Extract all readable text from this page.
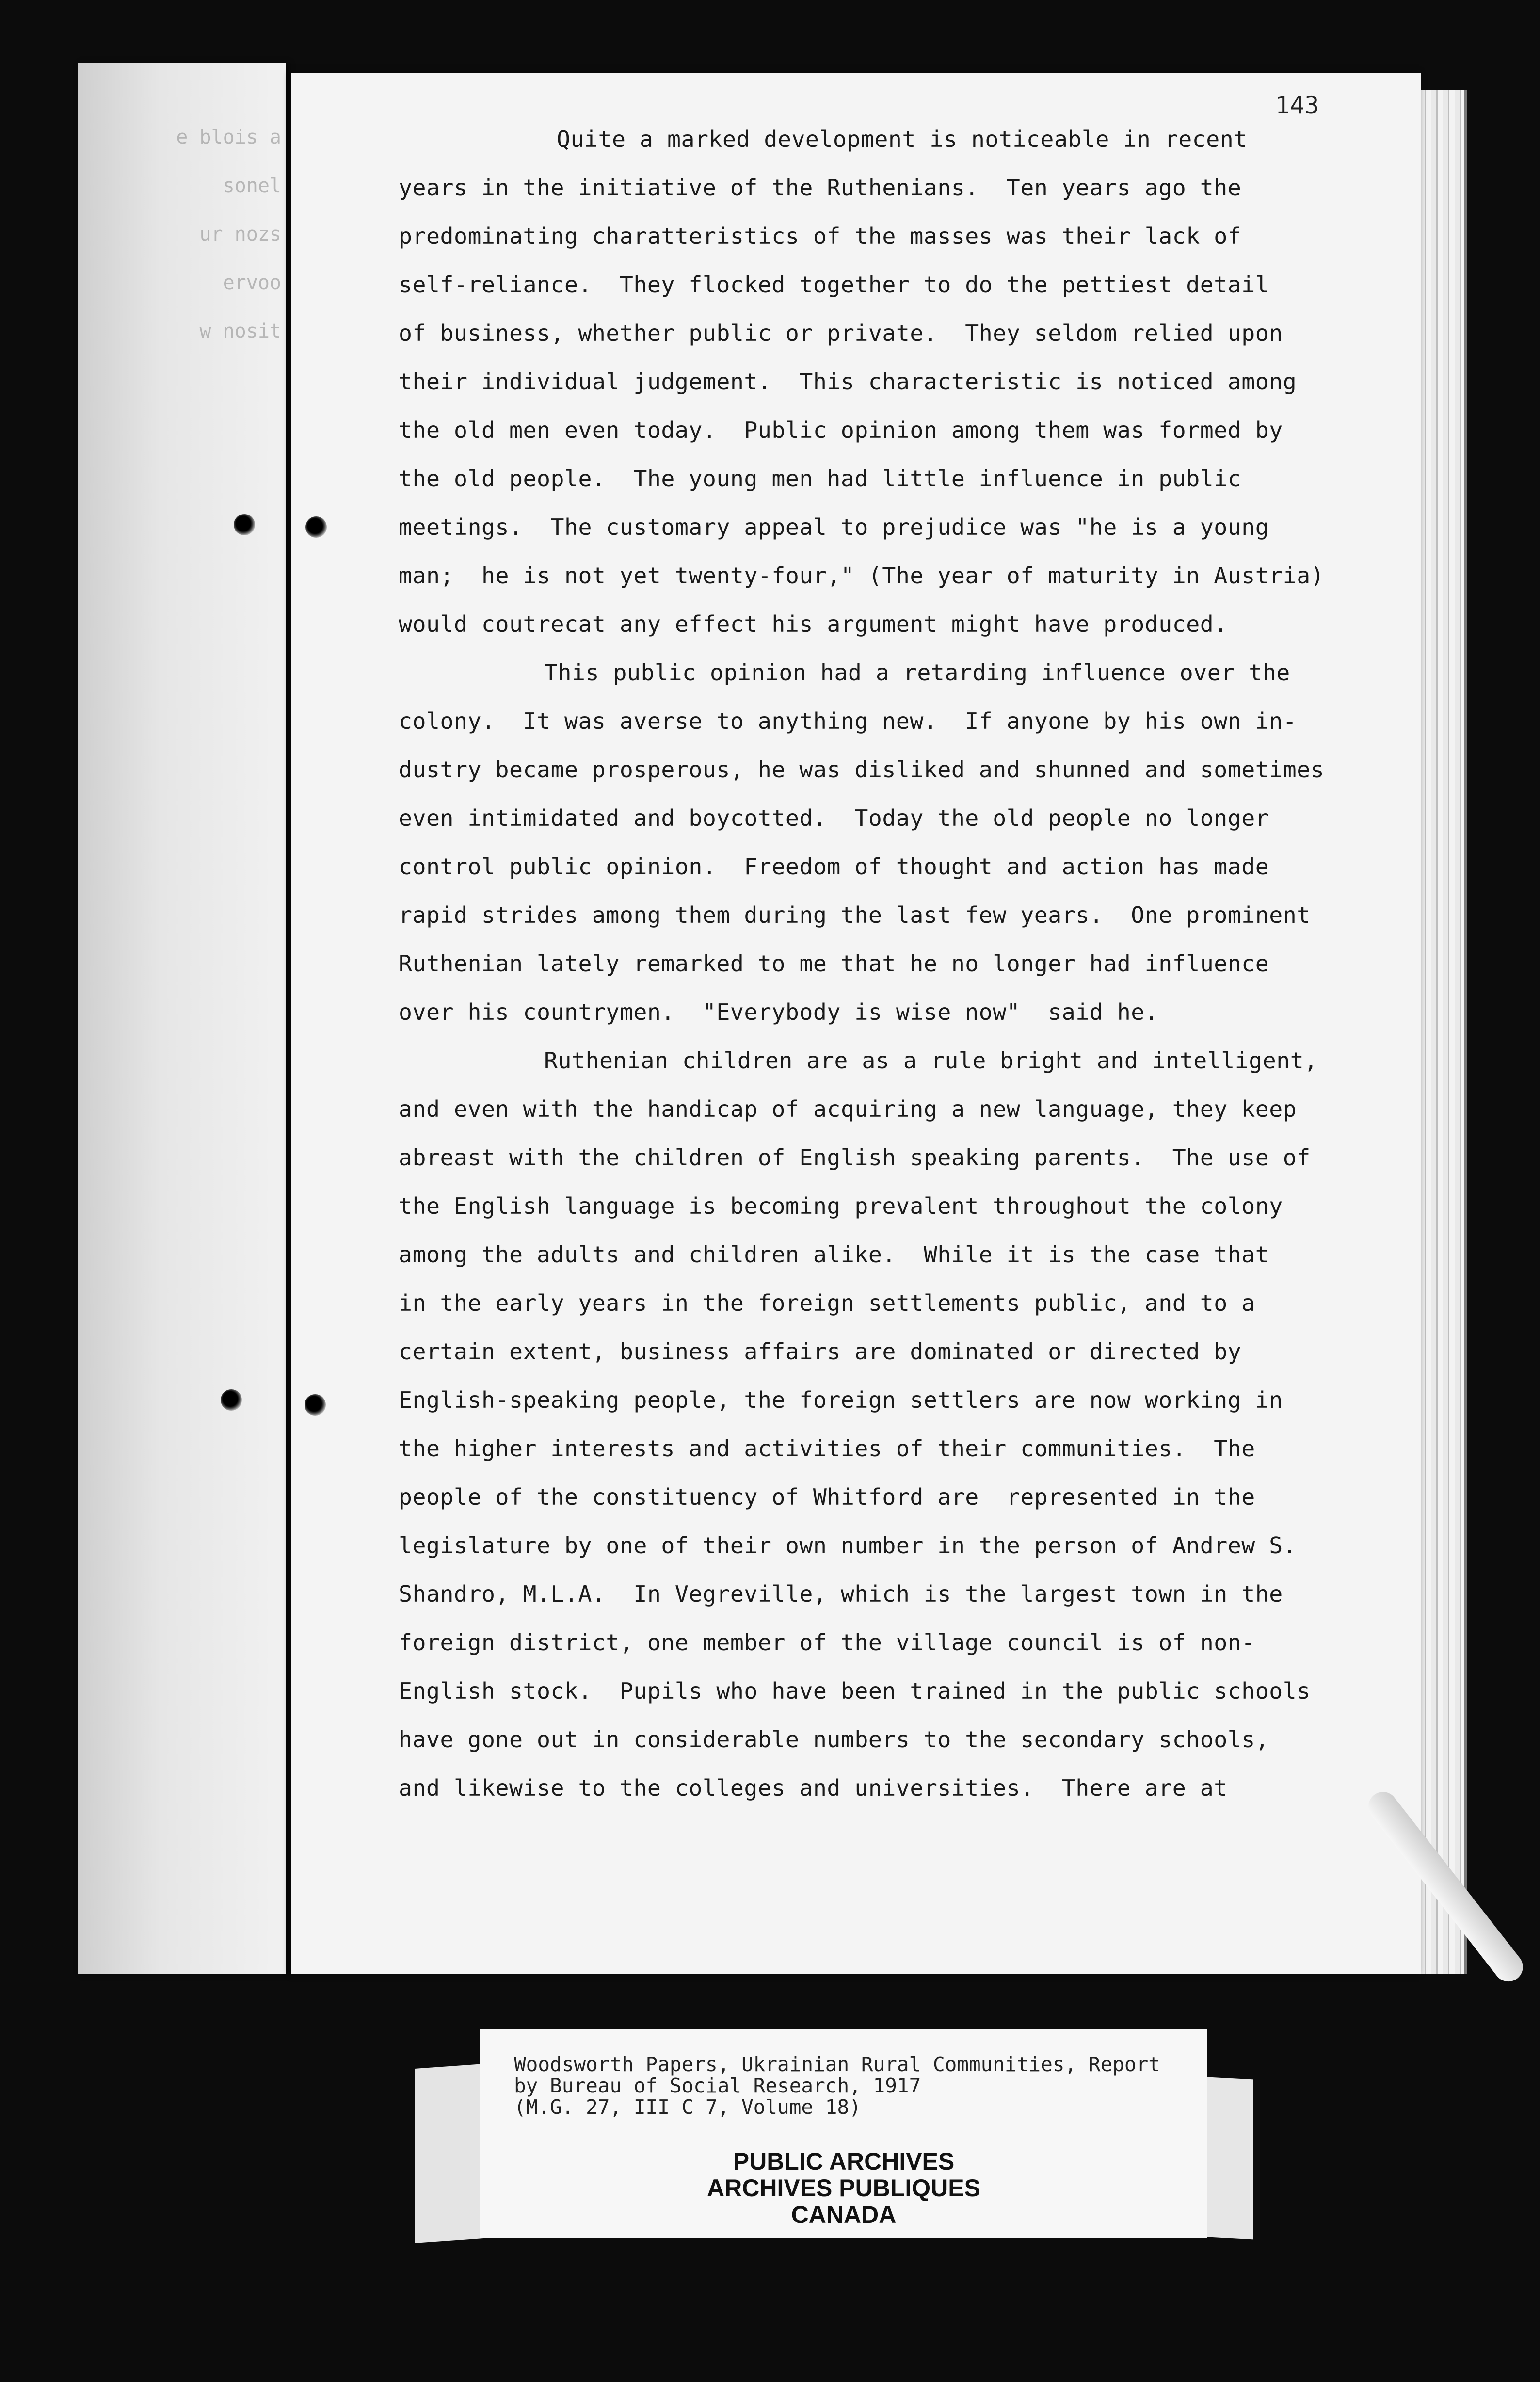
e blois a
sonel
ur nozs
ervoo
w nosit
143
Quite a marked development is noticeable in recent
years in the initiative of the Ruthenians.  Ten years ago the
predominating charatteristics of the masses was their lack of
self-reliance.  They flocked together to do the pettiest detail
of business, whether public or private.  They seldom relied upon
their individual judgement.  This characteristic is noticed among
the old men even today.  Public opinion among them was formed by
the old people.  The young men had little influence in public
meetings.  The customary appeal to prejudice was "he is a young
man;  he is not yet twenty-four," (The year of maturity in Austria)
would coutrecat any effect his argument might have produced.
This public opinion had a retarding influence over the
colony.  It was averse to anything new.  If anyone by his own in-
dustry became prosperous, he was disliked and shunned and sometimes
even intimidated and boycotted.  Today the old people no longer
control public opinion.  Freedom of thought and action has made
rapid strides among them during the last few years.  One prominent
Ruthenian lately remarked to me that he no longer had influence
over his countrymen.  "Everybody is wise now"  said he.
Ruthenian children are as a rule bright and intelligent,
and even with the handicap of acquiring a new language, they keep
abreast with the children of English speaking parents.  The use of
the English language is becoming prevalent throughout the colony
among the adults and children alike.  While it is the case that
in the early years in the foreign settlements public, and to a
certain extent, business affairs are dominated or directed by
English-speaking people, the foreign settlers are now working in
the higher interests and activities of their communities.  The
people of the constituency of Whitford are  represented in the
legislature by one of their own number in the person of Andrew S.
Shandro, M.L.A.  In Vegreville, which is the largest town in the
foreign district, one member of the village council is of non-
English stock.  Pupils who have been trained in the public schools
have gone out in considerable numbers to the secondary schools,
and likewise to the colleges and universities.  There are at
Woodsworth Papers, Ukrainian Rural Communities, Report
by Bureau of Social Research, 1917
(M.G. 27, III C 7, Volume 18)
PUBLIC ARCHIVES
ARCHIVES PUBLIQUES
CANADA
